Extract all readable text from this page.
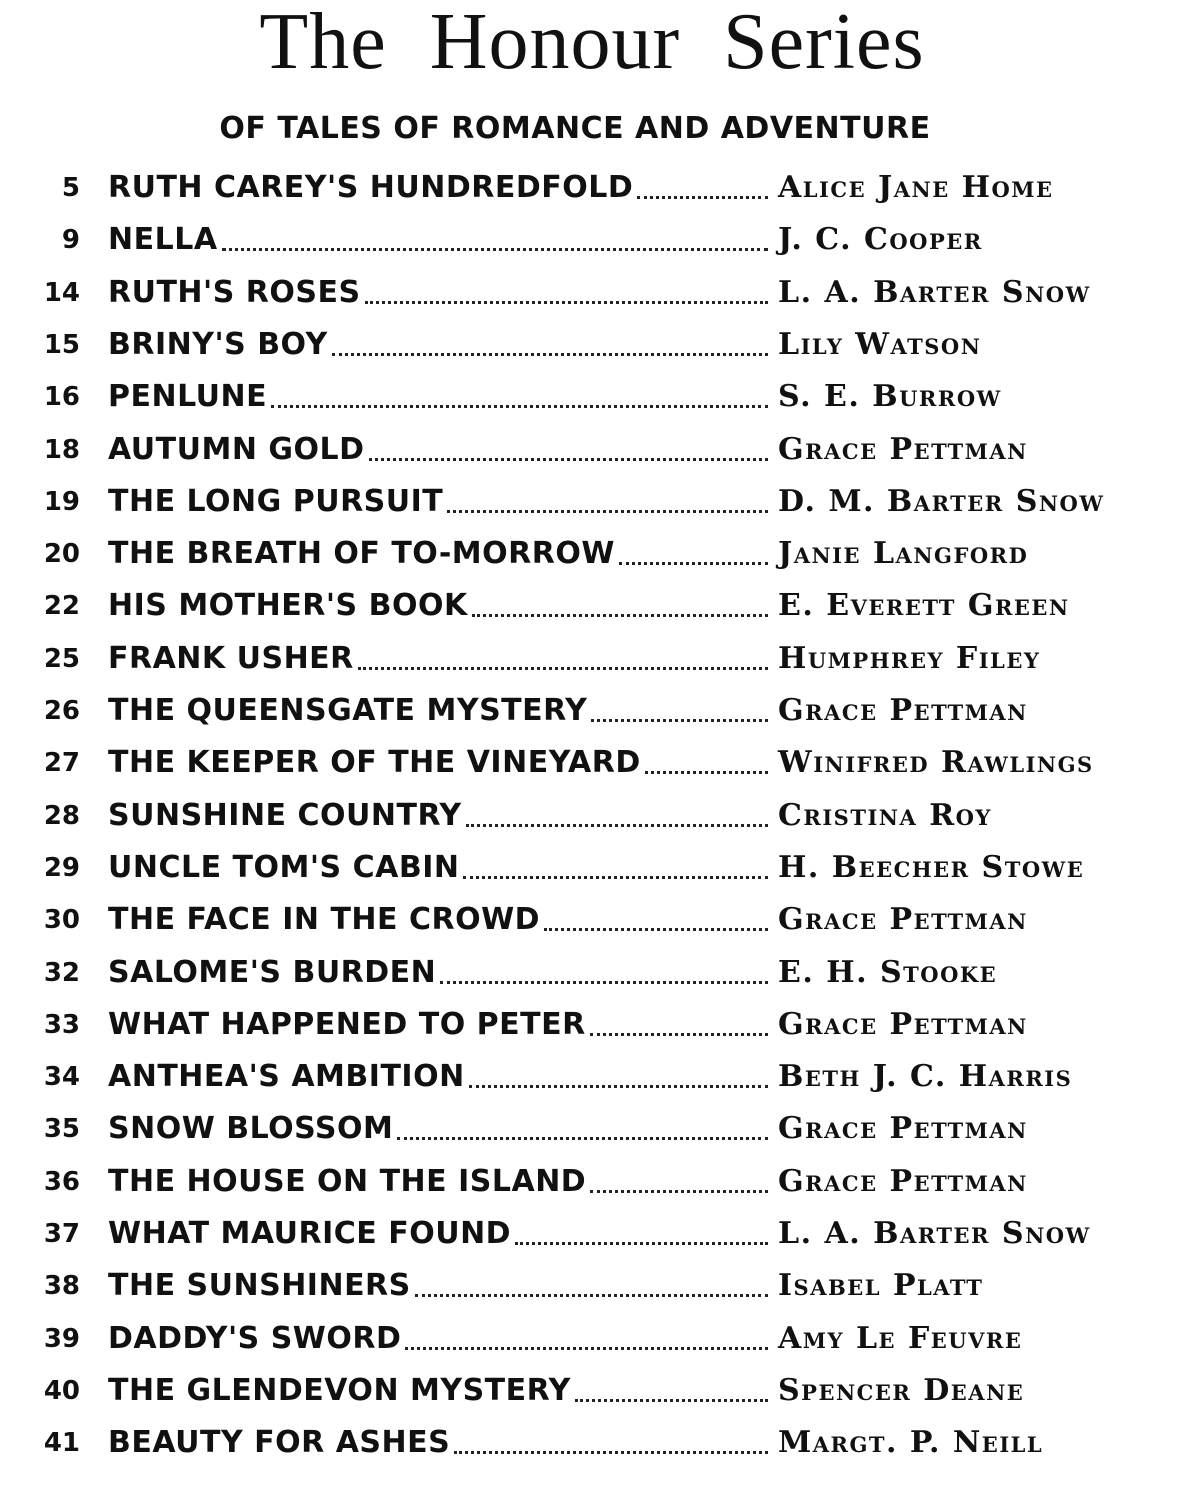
The Honour Series
OF TALES OF ROMANCE AND ADVENTURE
5 RUTH CAREY'S HUNDREDFOLD	Alice Jane Home
9 NELLA	J. C. Cooper
14 RUTH'S ROSES	L. A. Barter Snow
15 BRINY'S BOY	Lily Watson
16 PENLUNE	S. E. Burrow
18 AUTUMN GOLD	Grace Pettman
19 THE LONG PURSUIT	D. M. Barter Snow
20 THE BREATH OF TO-MORROW	Janie Langford
22 HIS MOTHER'S BOOK	E. Everett Green
25 FRANK USHER	Humphrey Filey
26 THE QUEENSGATE MYSTERY	Grace Pettman
27 THE KEEPER OF THE VINEYARD	Winifred Rawlings
28 SUNSHINE COUNTRY	Cristina Roy
29 UNCLE TOM'S CABIN	H. Beecher Stowe
30 THE FACE IN THE CROWD	Grace Pettman
32 SALOME'S BURDEN	E. H. Stooke
33 WHAT HAPPENED TO PETER	Grace Pettman
34 ANTHEA'S AMBITION	Beth J. C. Harris
35 SNOW BLOSSOM	Grace Pettman
36 THE HOUSE ON THE ISLAND	Grace Pettman
37 WHAT MAURICE FOUND	L. A. Barter Snow
38 THE SUNSHINERS	Isabel Platt
39 DADDY'S SWORD	Amy Le Feuvre
40 THE GLENDEVON MYSTERY	Spencer Deane
41 BEAUTY FOR ASHES	Margt. P. Neill
